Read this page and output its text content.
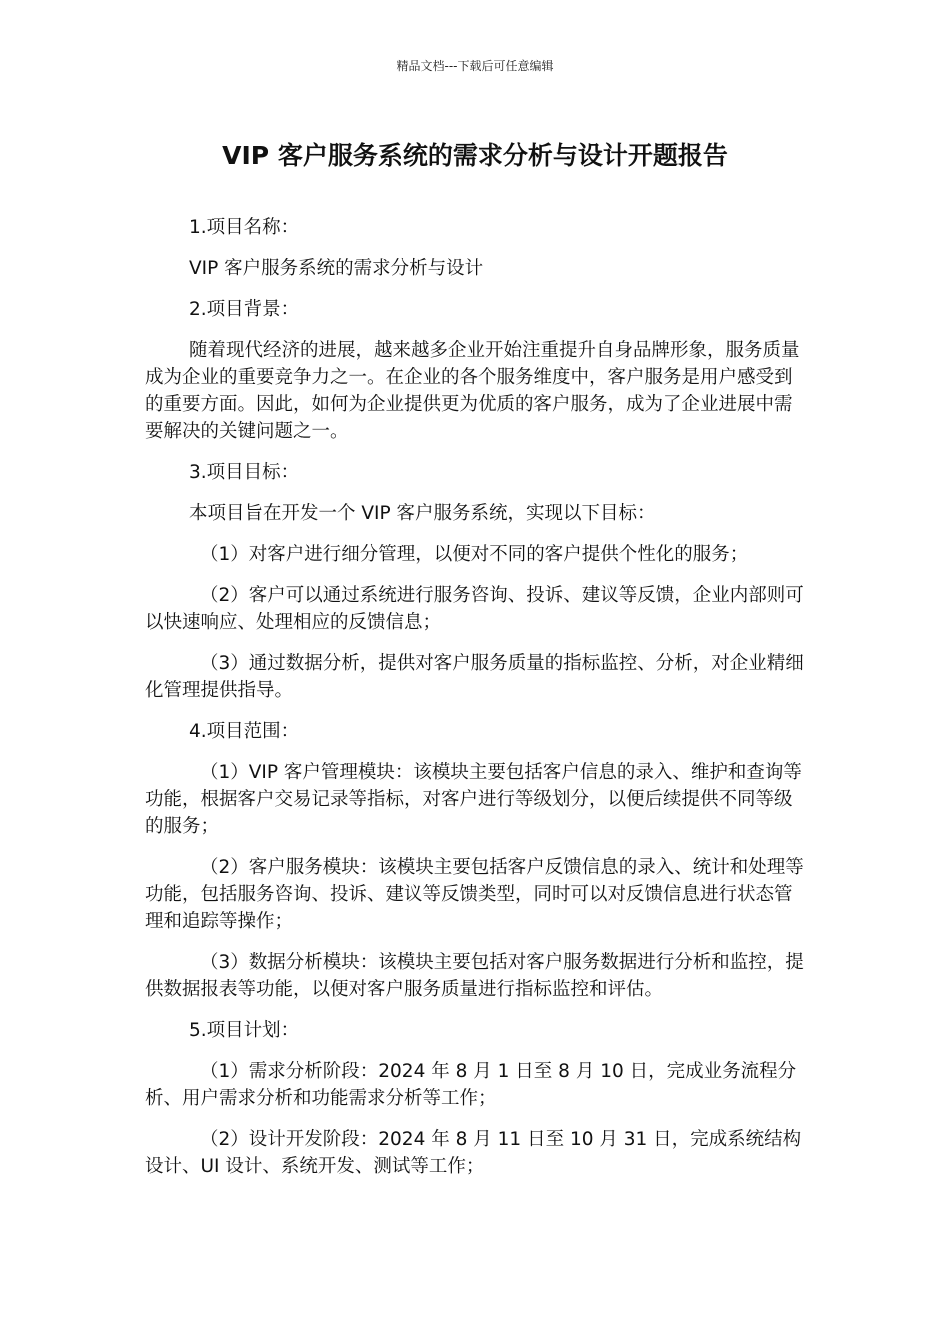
精品文档---下载后可任意编辑
VIP 客户服务系统的需求分析与设计开题报告

1.项目名称：

VIP 客户服务系统的需求分析与设计

2.项目背景：

随着现代经济的进展，越来越多企业开始注重提升自身品牌形象，服务质量成为企业的重要竞争力之一。在企业的各个服务维度中，客户服务是用户感受到的重要方面。因此，如何为企业提供更为优质的客户服务，成为了企业进展中需要解决的关键问题之一。

3.项目目标：

本项目旨在开发一个 VIP 客户服务系统，实现以下目标：

（1）对客户进行细分管理，以便对不同的客户提供个性化的服务；

（2）客户可以通过系统进行服务咨询、投诉、建议等反馈，企业内部则可以快速响应、处理相应的反馈信息；

（3）通过数据分析，提供对客户服务质量的指标监控、分析，对企业精细化管理提供指导。

4.项目范围：

（1）VIP 客户管理模块：该模块主要包括客户信息的录入、维护和查询等功能，根据客户交易记录等指标，对客户进行等级划分，以便后续提供不同等级的服务；

（2）客户服务模块：该模块主要包括客户反馈信息的录入、统计和处理等功能，包括服务咨询、投诉、建议等反馈类型，同时可以对反馈信息进行状态管理和追踪等操作；

（3）数据分析模块：该模块主要包括对客户服务数据进行分析和监控，提供数据报表等功能，以便对客户服务质量进行指标监控和评估。

5.项目计划：

（1）需求分析阶段：2024 年 8 月 1 日至 8 月 10 日，完成业务流程分析、用户需求分析和功能需求分析等工作；

（2）设计开发阶段：2024 年 8 月 11 日至 10 月 31 日，完成系统结构设计、UI 设计、系统开发、测试等工作；
